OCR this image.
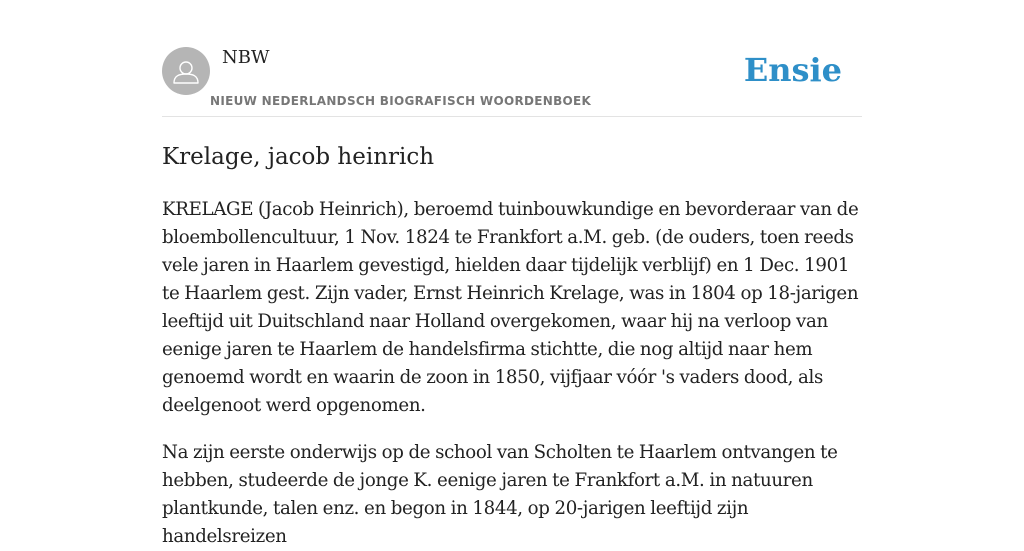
NBW
NIEUW NEDERLANDSCH BIOGRAFISCH WOORDENBOEK
Ensie
Krelage, jacob heinrich

KRELAGE (Jacob Heinrich), beroemd tuinbouwkundige en bevorderaar van de bloembollencultuur, 1 Nov. 1824 te Frankfort a.M. geb. (de ouders, toen reeds vele jaren in Haarlem gevestigd, hielden daar tijdelijk verblijf) en 1 Dec. 1901 te Haarlem gest. Zijn vader, Ernst Heinrich Krelage, was in 1804 op 18-jarigen leeftijd uit Duitschland naar Holland overgekomen, waar hij na verloop van eenige jaren te Haarlem de handelsfirma stichtte, die nog altijd naar hem genoemd wordt en waarin de zoon in 1850, vijfjaar vóór 's vaders dood, als deelgenoot werd opgenomen.

Na zijn eerste onderwijs op de school van Scholten te Haarlem ontvangen te hebben, studeerde de jonge K. eenige jaren te Frankfort a.M. in natuuren plantkunde, talen enz. en begon in 1844, op 20-jarigen leeftijd zijn handelsreizen
